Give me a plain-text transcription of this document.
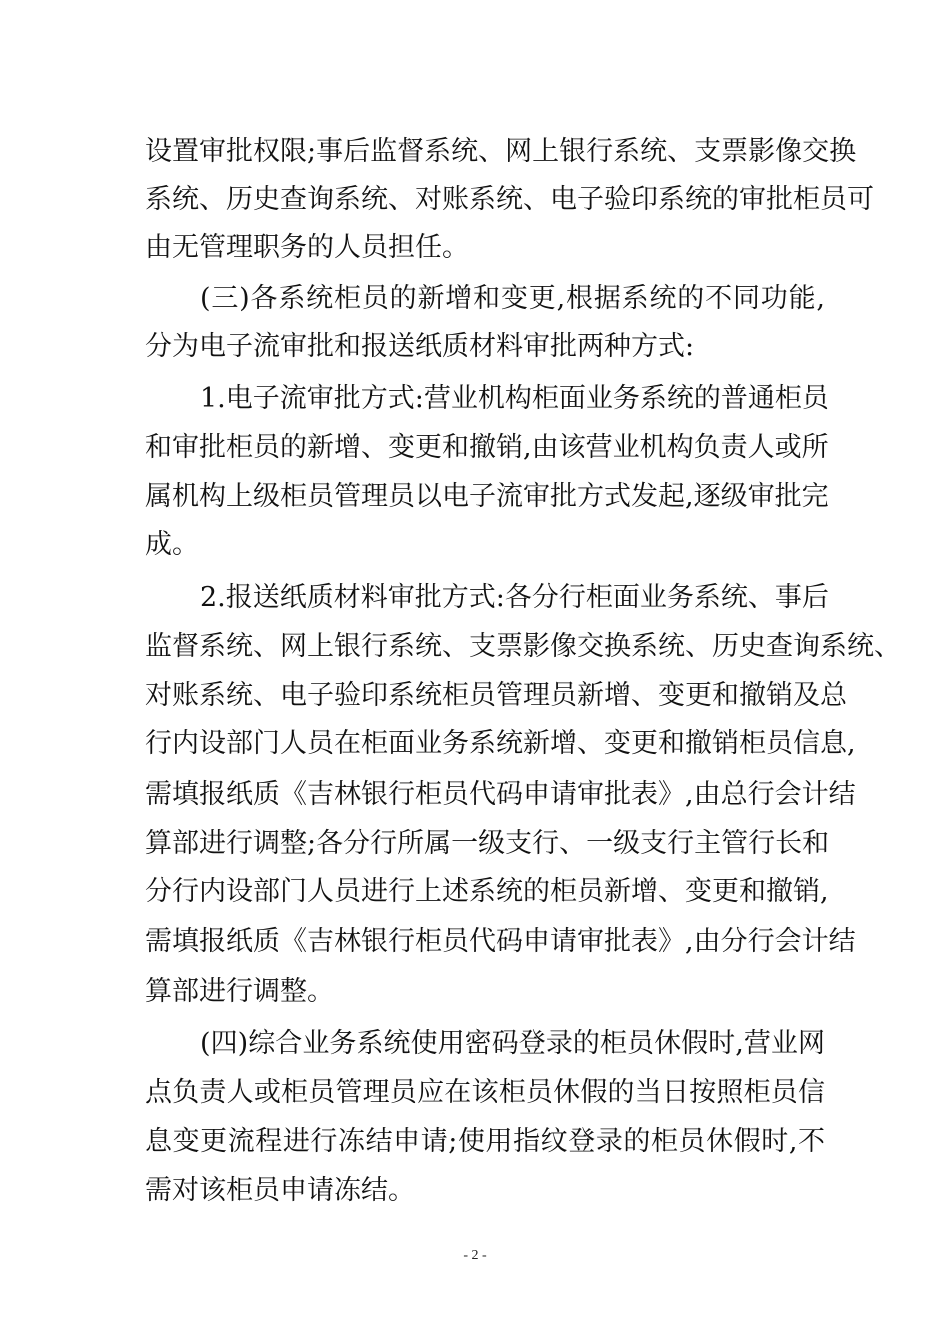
设置审批权限;事后监督系统、网上银行系统、支票影像交换
系统、历史查询系统、对账系统、电子验印系统的审批柜员可
由无管理职务的人员担任。
(三)各系统柜员的新增和变更,根据系统的不同功能,
分为电子流审批和报送纸质材料审批两种方式:
1.电子流审批方式:营业机构柜面业务系统的普通柜员
和审批柜员的新增、变更和撤销,由该营业机构负责人或所
属机构上级柜员管理员以电子流审批方式发起,逐级审批完
成。
2.报送纸质材料审批方式:各分行柜面业务系统、事后
监督系统、网上银行系统、支票影像交换系统、历史查询系统、
对账系统、电子验印系统柜员管理员新增、变更和撤销及总
行内设部门人员在柜面业务系统新增、变更和撤销柜员信息,
需填报纸质《吉林银行柜员代码申请审批表》,由总行会计结
算部进行调整;各分行所属一级支行、一级支行主管行长和
分行内设部门人员进行上述系统的柜员新增、变更和撤销,
需填报纸质《吉林银行柜员代码申请审批表》,由分行会计结
算部进行调整。
(四)综合业务系统使用密码登录的柜员休假时,营业网
点负责人或柜员管理员应在该柜员休假的当日按照柜员信
息变更流程进行冻结申请;使用指纹登录的柜员休假时,不
需对该柜员申请冻结。
- 2 -
